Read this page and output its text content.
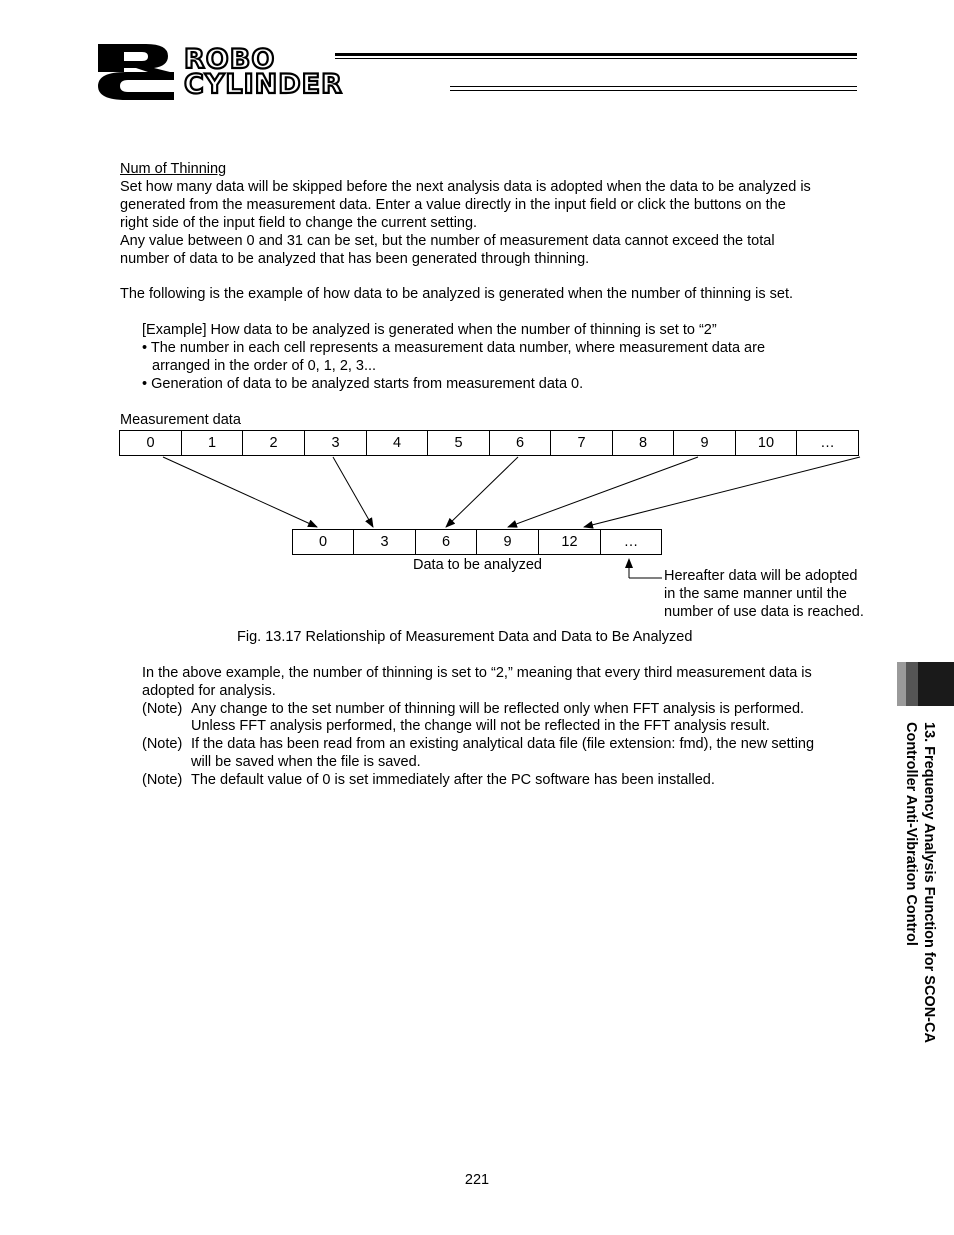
ROBO
CYLINDER
Num of Thinning
Set how many data will be skipped before the next analysis data is adopted when the data to be analyzed is
generated from the measurement data. Enter a value directly in the input field or click the buttons on the
right side of the input field to change the current setting.
Any value between 0 and 31 can be set, but the number of measurement data cannot exceed the total
number of data to be analyzed that has been generated through thinning.
The following is the example of how data to be analyzed is generated when the number of thinning is set.
[Example] How data to be analyzed is generated when the number of thinning is set to “2”
• The number in each cell represents a measurement data number, where measurement data are
arranged in the order of 0, 1, 2, 3...
• Generation of data to be analyzed starts from measurement data 0.
Measurement data
0	1	2	3	4	5	6	7	8	9	10	…
0	3	6	9	12	…
Data to be analyzed
Hereafter data will be adopted
in the same manner until the
number of use data is reached.
Fig. 13.17 Relationship of Measurement Data and Data to Be Analyzed
In the above example, the number of thinning is set to “2,” meaning that every third measurement data is
adopted for analysis.
(Note) Any change to the set number of thinning will be reflected only when FFT analysis is performed.
Unless FFT analysis performed, the change will not be reflected in the FFT analysis result.
(Note) If the data has been read from an existing analytical data file (file extension: fmd), the new setting
will be saved when the file is saved.
(Note) The default value of 0 is set immediately after the PC software has been installed.	13. Frequency Analysis Function for SCON-CA
Controller Anti-Vibration Control
221
